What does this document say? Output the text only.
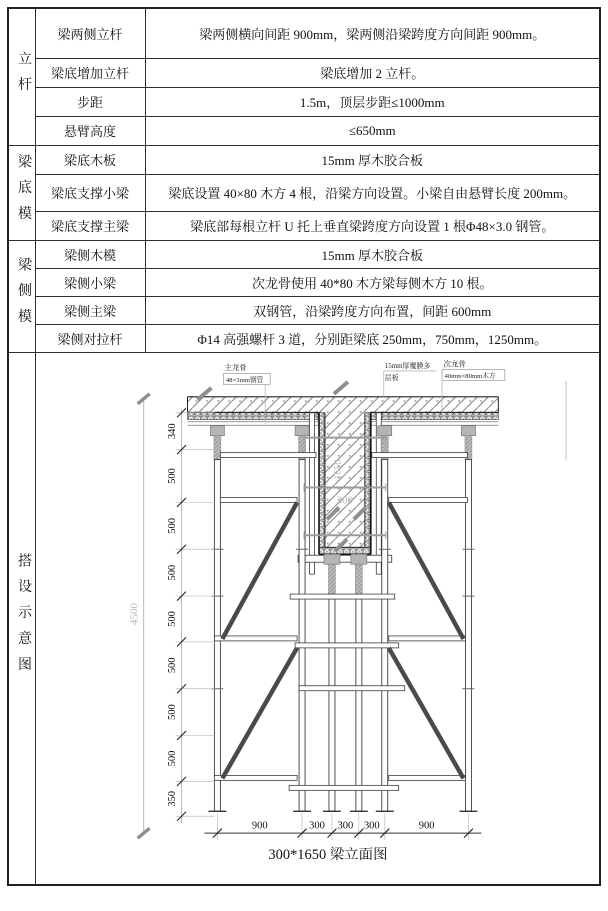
立杆	梁两侧立杆	梁两侧横向间距 900mm，梁两侧沿梁跨度方向间距 900mm。
	梁底增加立杆	梁底增加 2 立杆。
	步距	1.5m，顶层步距≤1000mm
	悬臂高度	≤650mm

梁底模	梁底木板	15mm 厚木胶合板
	梁底支撑小梁	梁底设置 40×80 木方 4 根，沿梁方向设置。小梁自由悬臂长度 200mm。
	梁底支撑主梁	梁底部每根立杆 U 托上垂直梁跨度方向设置 1 根Φ48×3.0 钢管。

梁侧模	梁侧木模	15mm 厚木胶合板
	梁侧小梁	次龙骨使用 40*80 木方梁每侧木方 10 根。
	梁侧主梁	双钢管，沿梁跨度方向布置，间距 600mm
	梁侧对拉杆	Φ14 高强螺杆 3 道，分别距梁底 250mm，750mm，1250mm。

搭设示意图

340
500
500
500
500
500
500
500
350
4500
900	300 300 300	900
1650
300
主龙骨
48×3mm钢管
15mm厚覆膜多
层板
次龙骨
40mm×80mm木方
300*1650 梁立面图
